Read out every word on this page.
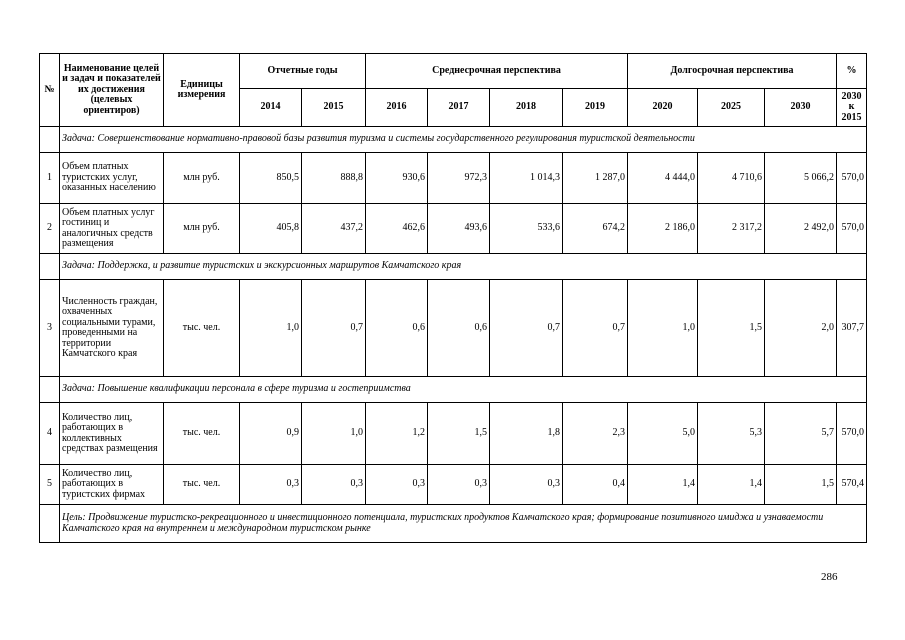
№	Наименование целей и задач и показателей их достижения (целевых ориентиров)	Единицы измерения	Отчетные годы		Среднесрочная перспектива				Долгосрочная перспектива			%
			2014	2015	2016	2017	2018	2019	2020	2025	2030	2030 к 2015
	Задача: Совершенствование нормативно-правовой базы развития туризма и системы государственного регулирования туристской деятельности											
1	Объем платных туристских услуг, оказанных населению	млн руб.	850,5	888,8	930,6	972,3	1 014,3	1 287,0	4 444,0	4 710,6	5 066,2	570,0
2	Объем платных услуг гостиниц и аналогичных средств размещения	млн руб.	405,8	437,2	462,6	493,6	533,6	674,2	2 186,0	2 317,2	2 492,0	570,0
	Задача: Поддержка, и развитие туристских и экскурсионных маршрутов Камчатского края											
3	Численность граждан, охваченных социальными турами, проведенными на территории Камчатского края	тыс. чел.	1,0	0,7	0,6	0,6	0,7	0,7	1,0	1,5	2,0	307,7
	Задача: Повышение квалификации персонала в сфере туризма и гостеприимства											
4	Количество лиц, работающих в коллективных средствах размещения	тыс. чел.	0,9	1,0	1,2	1,5	1,8	2,3	5,0	5,3	5,7	570,0
5	Количество лиц, работающих в туристских фирмах	тыс. чел.	0,3	0,3	0,3	0,3	0,3	0,4	1,4	1,4	1,5	570,4
	Цель: Продвижение туристско-рекреационного и инвестиционного потенциала, туристских продуктов Камчатского края; формирование позитивного имиджа и узнаваемости Камчатского края на внутреннем и международном туристском рынке											
286
